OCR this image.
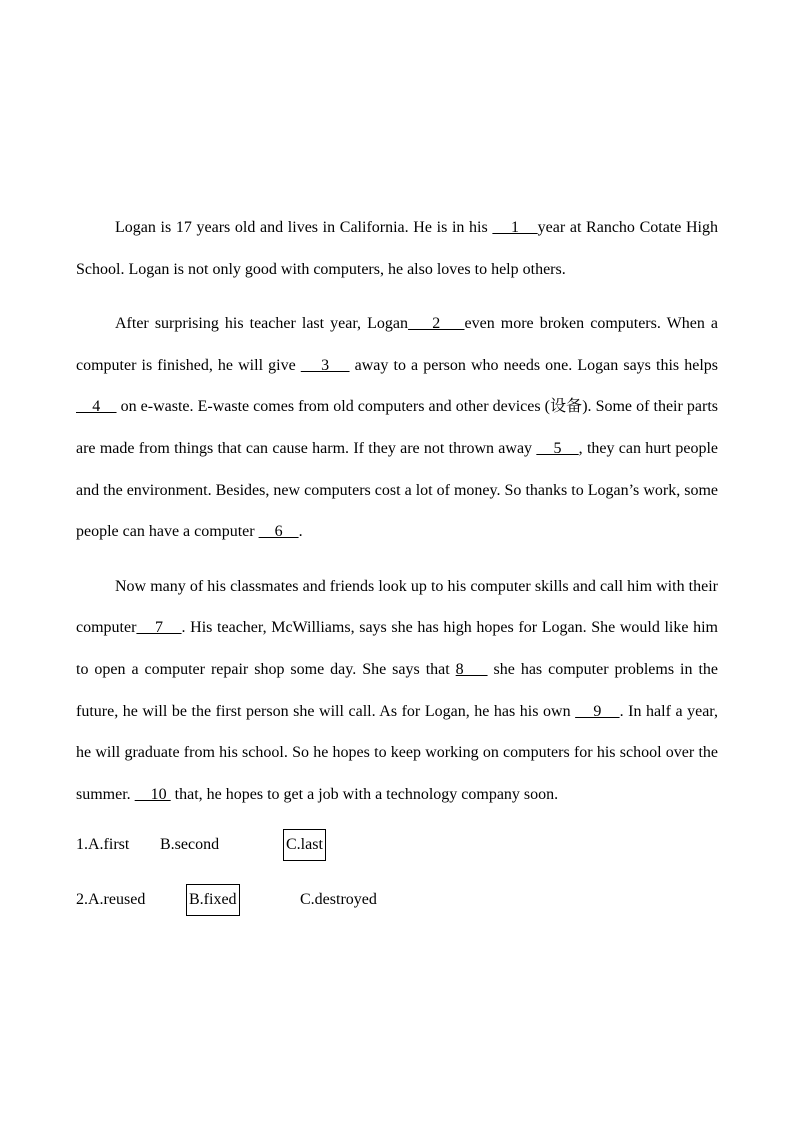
Logan is 17 years old and lives in California. He is in his     1    year at Rancho Cotate High School. Logan is not only good with computers, he also loves to help others.

After surprising his teacher last year, Logan    2    even more broken computers. When a computer is finished, he will give     3     away to a person who needs one. Logan says this helps     4     on e-waste. E-waste comes from old computers and other devices (设备). Some of their parts are made from things that can cause harm. If they are not thrown away     5    , they can hurt people and the environment. Besides, new computers cost a lot of money. So thanks to Logan’s work, some people can have a computer     6    .

Now many of his classmates and friends look up to his computer skills and call him with their computer    7    . His teacher, McWilliams, says she has high hopes for Logan. She would like him to open a computer repair shop some day. She says that 8     she has computer problems in the future, he will be the first person she will call. As for Logan, he has his own     9    . In half a year, he will graduate from his school. So he hopes to keep working on computers for his school over the summer.     10  that, he hopes to get a job with a technology company soon.

1.A.first B.second	C.last
2.A.reused	B.fixed	C.destroyed
